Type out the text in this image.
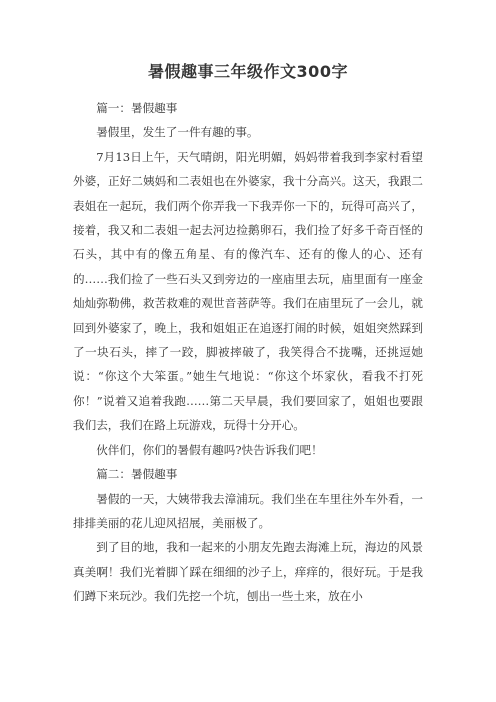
暑假趣事三年级作文300字

篇一：暑假趣事

暑假里，发生了一件有趣的事。

7月13日上午，天气晴朗，阳光明媚，妈妈带着我到李家村看望外婆，正好二姨妈和二表姐也在外婆家，我十分高兴。这天，我跟二表姐在一起玩，我们两个你弄我一下我弄你一下的，玩得可高兴了，接着，我又和二表姐一起去河边捡鹅卵石，我们捡了好多千奇百怪的石头，其中有的像五角星、有的像汽车、还有的像人的心、还有的……我们捡了一些石头又到旁边的一座庙里去玩，庙里面有一座金灿灿弥勒佛，救苦救难的观世音菩萨等。我们在庙里玩了一会儿，就回到外婆家了，晚上，我和姐姐正在追逐打闹的时候，姐姐突然踩到了一块石头，摔了一跤，脚被摔破了，我笑得合不拢嘴，还挑逗她说：“你这个大笨蛋。”她生气地说：“你这个坏家伙，看我不打死你！”说着又追着我跑……第二天早晨，我们要回家了，姐姐也要跟我们去，我们在路上玩游戏，玩得十分开心。

伙伴们，你们的暑假有趣吗?快告诉我们吧！

篇二：暑假趣事

暑假的一天，大姨带我去漳浦玩。我们坐在车里往外车外看，一排排美丽的花儿迎风招展，美丽极了。

到了目的地，我和一起来的小朋友先跑去海滩上玩，海边的风景真美啊！我们光着脚丫踩在细细的沙子上，痒痒的，很好玩。于是我们蹲下来玩沙。我们先挖一个坑，刨出一些土来，放在小
